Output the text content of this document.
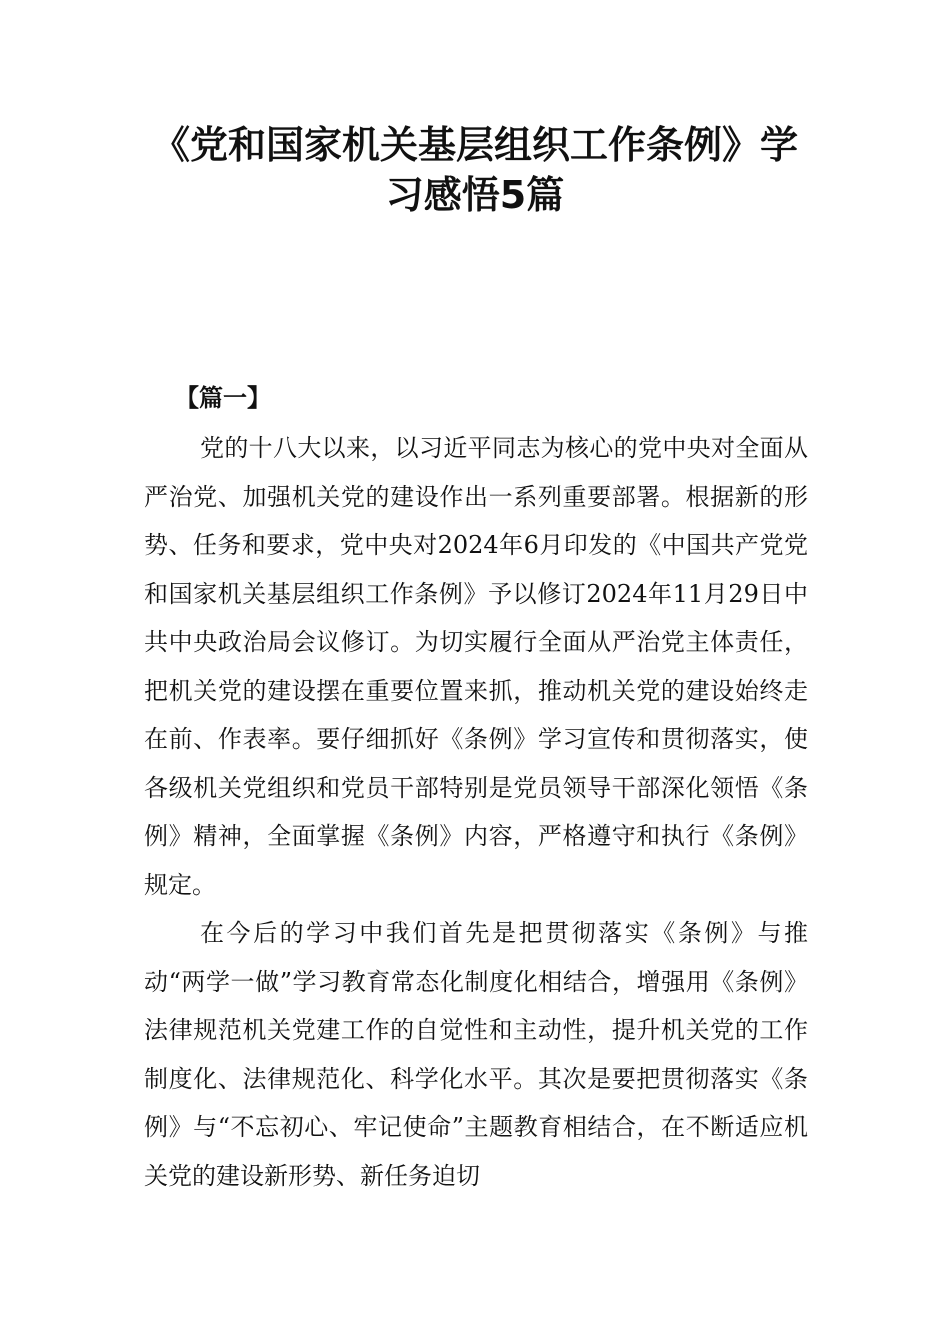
《党和国家机关基层组织工作条例》学习感悟5篇
【篇一】

党的十八大以来，以习近平同志为核心的党中央对全面从严治党、加强机关党的建设作出一系列重要部署。根据新的形势、任务和要求，党中央对2024年6月印发的《中国共产党党和国家机关基层组织工作条例》予以修订2024年11月29日中共中央政治局会议修订。为切实履行全面从严治党主体责任，把机关党的建设摆在重要位置来抓，推动机关党的建设始终走在前、作表率。要仔细抓好《条例》学习宣传和贯彻落实，使各级机关党组织和党员干部特别是党员领导干部深化领悟《条例》精神，全面掌握《条例》内容，严格遵守和执行《条例》规定。

在今后的学习中我们首先是把贯彻落实《条例》与推动“两学一做”学习教育常态化制度化相结合，增强用《条例》法律规范机关党建工作的自觉性和主动性，提升机关党的工作制度化、法律规范化、科学化水平。其次是要把贯彻落实《条例》与“不忘初心、牢记使命”主题教育相结合，在不断适应机关党的建设新形势、新任务迫切
